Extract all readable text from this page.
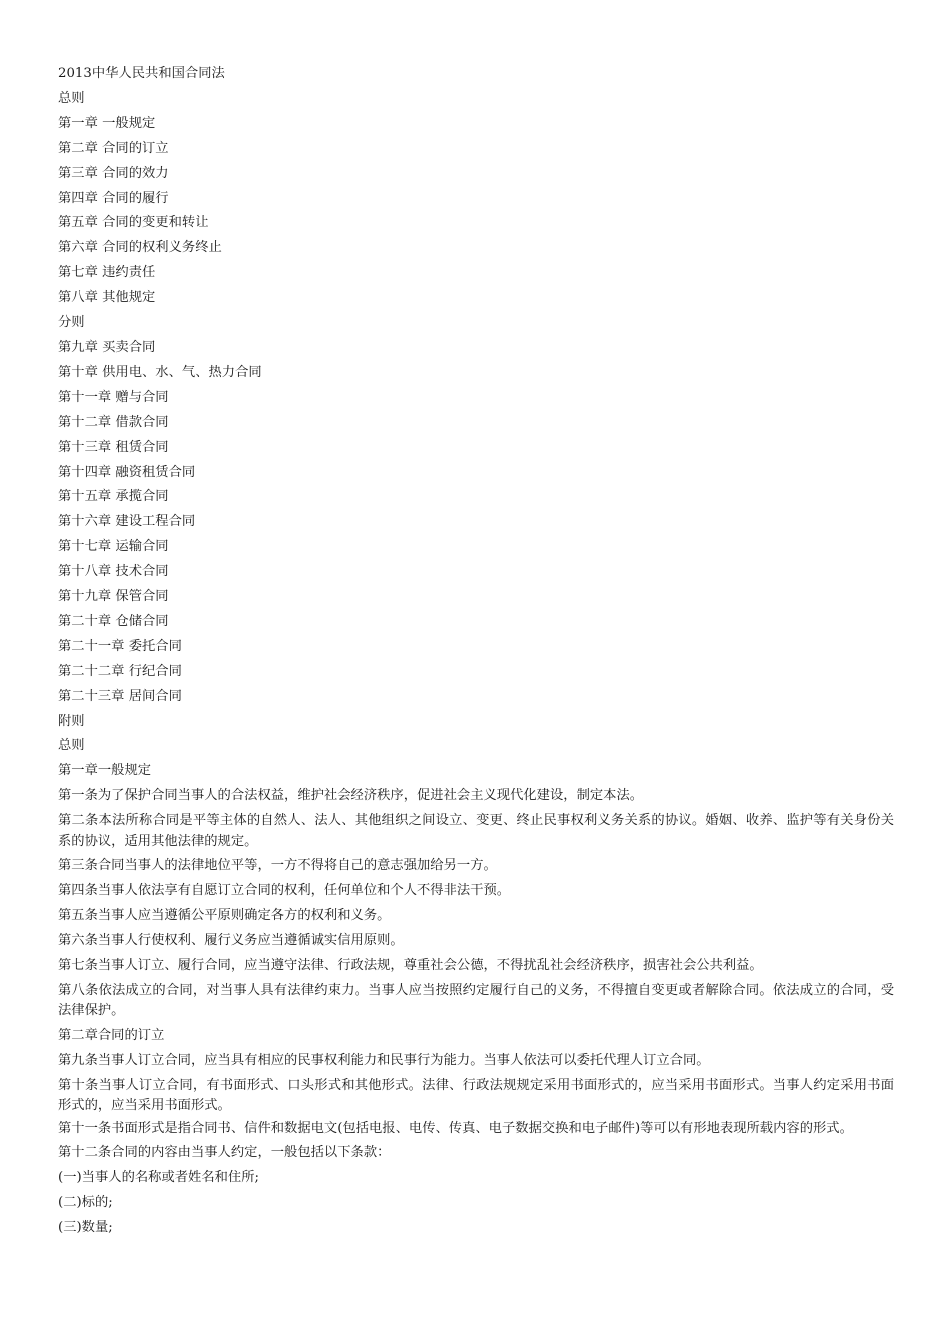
2013中华人民共和国合同法
总则
第一章 一般规定
第二章 合同的订立
第三章 合同的效力
第四章 合同的履行
第五章 合同的变更和转让
第六章 合同的权利义务终止
第七章 违约责任
第八章 其他规定
分则
第九章 买卖合同
第十章 供用电、水、气、热力合同
第十一章 赠与合同
第十二章 借款合同
第十三章 租赁合同
第十四章 融资租赁合同
第十五章 承揽合同
第十六章 建设工程合同
第十七章 运输合同
第十八章 技术合同
第十九章 保管合同
第二十章 仓储合同
第二十一章 委托合同
第二十二章 行纪合同
第二十三章 居间合同
附则
总则
第一章一般规定
第一条为了保护合同当事人的合法权益，维护社会经济秩序，促进社会主义现代化建设，制定本法。
第二条本法所称合同是平等主体的自然人、法人、其他组织之间设立、变更、终止民事权利义务关系的协议。婚姻、收养、监护等有关身份关系的协议，适用其他法律的规定。
第三条合同当事人的法律地位平等，一方不得将自己的意志强加给另一方。
第四条当事人依法享有自愿订立合同的权利，任何单位和个人不得非法干预。
第五条当事人应当遵循公平原则确定各方的权利和义务。
第六条当事人行使权利、履行义务应当遵循诚实信用原则。
第七条当事人订立、履行合同，应当遵守法律、行政法规，尊重社会公德，不得扰乱社会经济秩序，损害社会公共利益。
第八条依法成立的合同，对当事人具有法律约束力。当事人应当按照约定履行自己的义务，不得擅自变更或者解除合同。依法成立的合同，受法律保护。
第二章合同的订立
第九条当事人订立合同，应当具有相应的民事权利能力和民事行为能力。当事人依法可以委托代理人订立合同。
第十条当事人订立合同，有书面形式、口头形式和其他形式。法律、行政法规规定采用书面形式的，应当采用书面形式。当事人约定采用书面形式的，应当采用书面形式。
第十一条书面形式是指合同书、信件和数据电文(包括电报、电传、传真、电子数据交换和电子邮件)等可以有形地表现所载内容的形式。
第十二条合同的内容由当事人约定，一般包括以下条款：
(一)当事人的名称或者姓名和住所;
(二)标的;
(三)数量;
